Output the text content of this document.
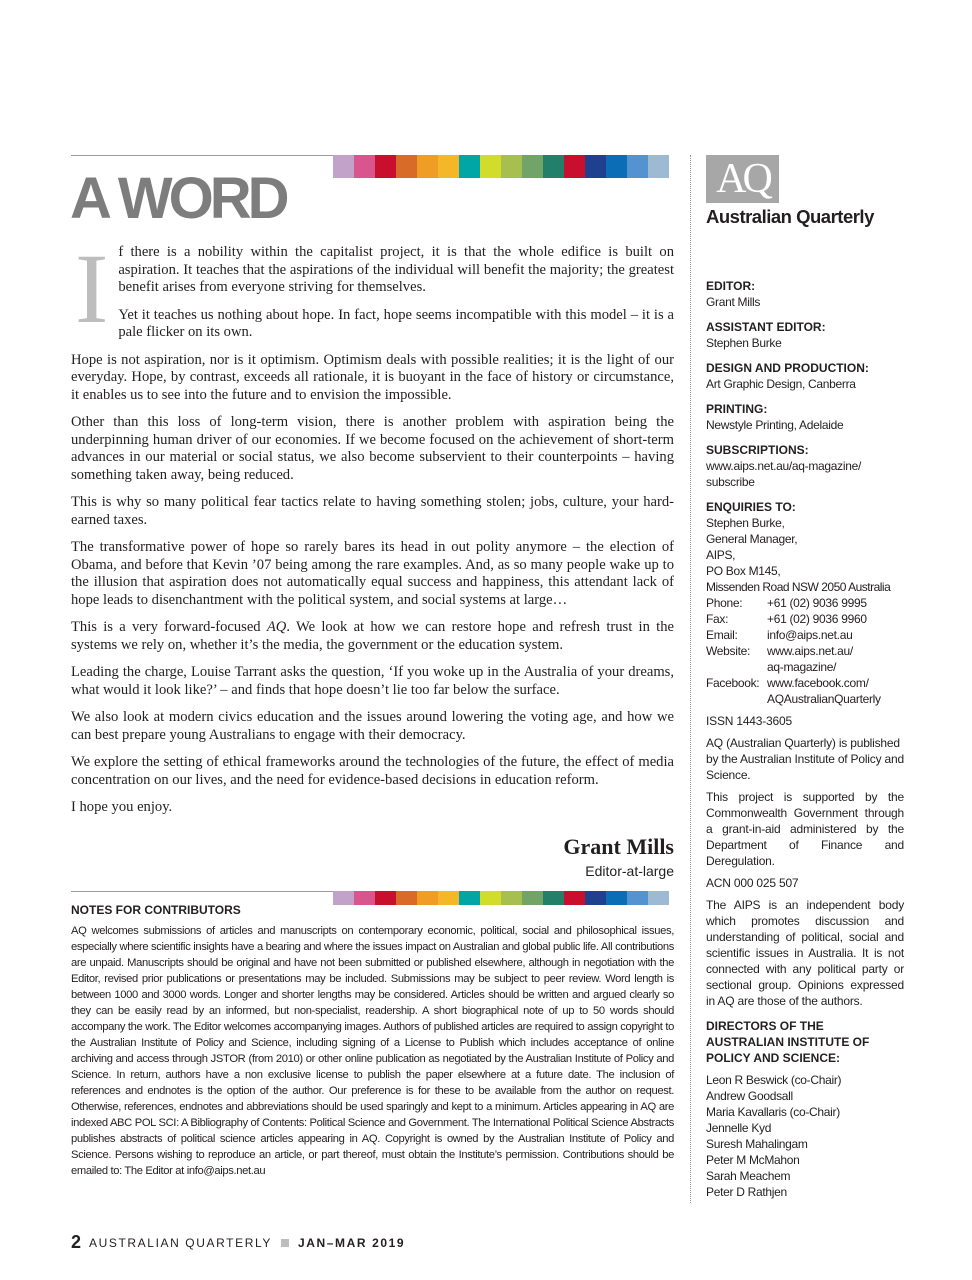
A WORD
I f there is a nobility within the capitalist project, it is that the whole edifice is built on aspiration. It teaches that the aspirations of the individual will benefit the majority; the greatest benefit arises from everyone striving for themselves.

Yet it teaches us nothing about hope. In fact, hope seems incompatible with this model – it is a pale flicker on its own.

Hope is not aspiration, nor is it optimism. Optimism deals with possible realities; it is the light of our everyday. Hope, by contrast, exceeds all rationale, it is buoyant in the face of history or circumstance, it enables us to see into the future and to envision the impossible.

Other than this loss of long-term vision, there is another problem with aspiration being the underpinning human driver of our economies. If we become focused on the achievement of short-term advances in our material or social status, we also become subservient to their counterpoints – having something taken away, being reduced.

This is why so many political fear tactics relate to having something stolen; jobs, culture, your hard-earned taxes.

The transformative power of hope so rarely bares its head in out polity anymore – the election of Obama, and before that Kevin ’07 being among the rare examples. And, as so many people wake up to the illusion that aspiration does not automatically equal success and happiness, this attendant lack of hope leads to disenchantment with the political system, and social systems at large…

This is a very forward-focused AQ. We look at how we can restore hope and refresh trust in the systems we rely on, whether it’s the media, the government or the education system.

Leading the charge, Louise Tarrant asks the question, ‘If you woke up in the Australia of your dreams, what would it look like?’ – and finds that hope doesn’t lie too far below the surface.

We also look at modern civics education and the issues around lowering the voting age, and how we can best prepare young Australians to engage with their democracy.

We explore the setting of ethical frameworks around the technologies of the future, the effect of media concentration on our lives, and the need for evidence-based decisions in education reform.

I hope you enjoy.

Grant Mills
Editor-at-large
NOTES FOR CONTRIBUTORS

AQ welcomes submissions of articles and manuscripts on contemporary economic, political, social and philosophical issues, especially where scientific insights have a bearing and where the issues impact on Australian and global public life. All contributions are unpaid. Manuscripts should be original and have not been submitted or published elsewhere, although in negotiation with the Editor, revised prior publications or presentations may be included. Submissions may be subject to peer review. Word length is between 1000 and 3000 words. Longer and shorter lengths may be considered. Articles should be written and argued clearly so they can be easily read by an informed, but non-specialist, readership. A short biographical note of up to 50 words should accompany the work. The Editor welcomes accompanying images. Authors of published articles are required to assign copyright to the Australian Institute of Policy and Science, including signing of a License to Publish which includes acceptance of online archiving and access through JSTOR (from 2010) or other online publication as negotiated by the Australian Institute of Policy and Science. In return, authors have a non exclusive license to publish the paper elsewhere at a future date. The inclusion of references and endnotes is the option of the author. Our preference is for these to be available from the author on request. Otherwise, references, endnotes and abbreviations should be used sparingly and kept to a minimum. Articles appearing in AQ are indexed ABC POL SCI: A Bibliography of Contents: Political Science and Government. The International Political Science Abstracts publishes abstracts of political science articles appearing in AQ. Copyright is owned by the Australian Institute of Policy and Science. Persons wishing to reproduce an article, or part thereof, must obtain the Institute’s permission. Contributions should be emailed to: The Editor at info@aips.net.au

AQ
Australian Quarterly
EDITOR:
Grant Mills
ASSISTANT EDITOR:
Stephen Burke
DESIGN AND PRODUCTION:
Art Graphic Design, Canberra
PRINTING:
Newstyle Printing, Adelaide
SUBSCRIPTIONS:
www.aips.net.au/aq-magazine/
subscribe
ENQUIRIES TO:
Stephen Burke,
General Manager,
AIPS,
PO Box M145,
Missenden Road NSW 2050 Australia
Phone:	+61 (02) 9036 9995
Fax:	+61 (02) 9036 9960
Email:	info@aips.net.au
Website:	www.aips.net.au/
aq-magazine/
Facebook: www.facebook.com/
AQAustralianQuarterly

ISSN 1443-3605

AQ (Australian Quarterly) is published by the Australian Institute of Policy and Science.

This project is supported by the Commonwealth Government through a grant-in-aid administered by the Department of Finance and Deregulation.

ACN 000 025 507

The AIPS is an independent body which promotes discussion and understanding of political, social and scientific issues in Australia. It is not connected with any political party or sectional group. Opinions expressed in AQ are those of the authors.

DIRECTORS OF THE AUSTRALIAN INSTITUTE OF POLICY AND SCIENCE:
Leon R Beswick (co-Chair)
Andrew Goodsall
Maria Kavallaris (co-Chair)
Jennelle Kyd
Suresh Mahalingam
Peter M McMahon
Sarah Meachem
Peter D Rathjen
2 AUSTRALIAN QUARTERLY JAN–MAR 2019
